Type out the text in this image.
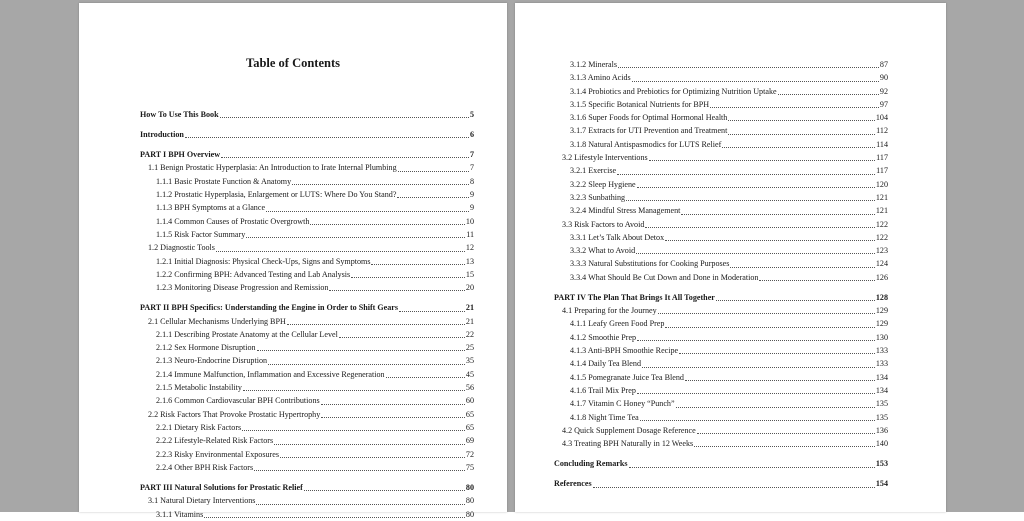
Table of Contents
How To Use This Book	5
Introduction	6
PART I BPH Overview	7
1.1 Benign Prostatic Hyperplasia: An Introduction to Irate Internal Plumbing	7
1.1.1 Basic Prostate Function & Anatomy	8
1.1.2 Prostatic Hyperplasia, Enlargement or LUTS: Where Do You Stand?	9
1.1.3 BPH Symptoms at a Glance	9
1.1.4 Common Causes of Prostatic Overgrowth	10
1.1.5 Risk Factor Summary	11
1.2 Diagnostic Tools	12
1.2.1 Initial Diagnosis: Physical Check-Ups, Signs and Symptoms	13
1.2.2 Confirming BPH: Advanced Testing and Lab Analysis	15
1.2.3 Monitoring Disease Progression and Remission	20
PART II BPH Specifics: Understanding the Engine in Order to Shift Gears	21
2.1 Cellular Mechanisms Underlying BPH	21
2.1.1 Describing Prostate Anatomy at the Cellular Level	22
2.1.2 Sex Hormone Disruption	25
2.1.3 Neuro-Endocrine Disruption	35
2.1.4 Immune Malfunction, Inflammation and Excessive Regeneration	45
2.1.5 Metabolic Instability	56
2.1.6 Common Cardiovascular BPH Contributions	60
2.2 Risk Factors That Provoke Prostatic Hypertrophy	65
2.2.1 Dietary Risk Factors	65
2.2.2 Lifestyle-Related Risk Factors	69
2.2.3 Risky Environmental Exposures	72
2.2.4 Other BPH Risk Factors	75
PART III Natural Solutions for Prostatic Relief	80
3.1 Natural Dietary Interventions	80
3.1.1 Vitamins	80
3.1.2 Minerals	87
3.1.3 Amino Acids	90
3.1.4 Probiotics and Prebiotics for Optimizing Nutrition Uptake	92
3.1.5 Specific Botanical Nutrients for BPH	97
3.1.6 Super Foods for Optimal Hormonal Health	104
3.1.7 Extracts for UTI Prevention and Treatment	112
3.1.8 Natural Antispasmodics for LUTS Relief	114
3.2 Lifestyle Interventions	117
3.2.1 Exercise	117
3.2.2 Sleep Hygiene	120
3.2.3 Sunbathing	121
3.2.4 Mindful Stress Management	121
3.3 Risk Factors to Avoid	122
3.3.1 Let’s Talk About Detox	122
3.3.2 What to Avoid	123
3.3.3 Natural Substitutions for Cooking Purposes	124
3.3.4 What Should Be Cut Down and Done in Moderation	126
PART IV The Plan That Brings It All Together	128
4.1 Preparing for the Journey	129
4.1.1 Leafy Green Food Prep	129
4.1.2 Smoothie Prep	130
4.1.3 Anti-BPH Smoothie Recipe	133
4.1.4 Daily Tea Blend	133
4.1.5 Pomegranate Juice Tea Blend	134
4.1.6 Trail Mix Prep	134
4.1.7 Vitamin C Honey “Punch”	135
4.1.8 Night Time Tea	135
4.2 Quick Supplement Dosage Reference	136
4.3 Treating BPH Naturally in 12 Weeks	140
Concluding Remarks	153
References	154
